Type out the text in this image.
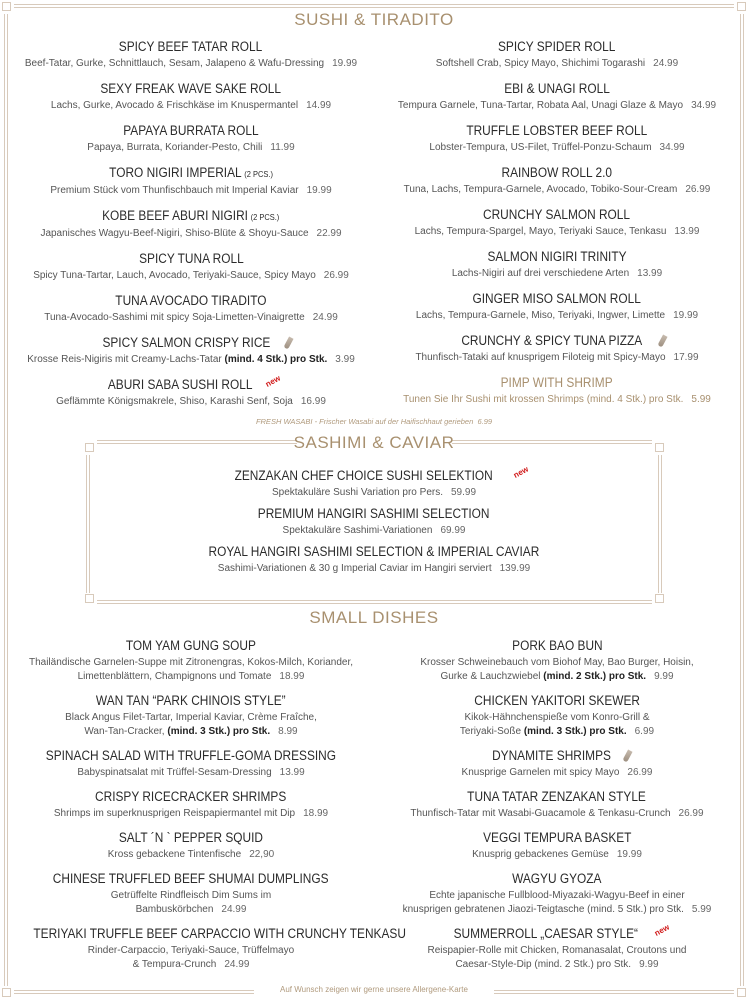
SUSHI & TIRADITO
SPICY BEEF TATAR ROLL
Beef-Tatar, Gurke, Schnittlauch, Sesam, Jalapeno & Wafu-Dressing 19.99
SEXY FREAK WAVE SAKE ROLL
Lachs, Gurke, Avocado & Frischkäse im Knuspermantel 14.99
PAPAYA BURRATA ROLL
Papaya, Burrata, Koriander-Pesto, Chili 11.99
TORO NIGIRI IMPERIAL (2 PCS.)
Premium Stück vom Thunfischbauch mit Imperial Kaviar 19.99
KOBE BEEF ABURI NIGIRI (2 PCS.)
Japanisches Wagyu-Beef-Nigiri, Shiso-Blüte & Shoyu-Sauce 22.99
SPICY TUNA ROLL
Spicy Tuna-Tartar, Lauch, Avocado, Teriyaki-Sauce, Spicy Mayo 26.99
TUNA AVOCADO TIRADITO
Tuna-Avocado-Sashimi mit spicy Soja-Limetten-Vinaigrette 24.99
SPICY SALMON CRISPY RICE
Krosse Reis-Nigiris mit Creamy-Lachs-Tatar (mind. 4 Stk.) pro Stk. 3.99
ABURI SABA SUSHI ROLL new
Geflämmte Königsmakrele, Shiso, Karashi Senf, Soja 16.99
SPICY SPIDER ROLL
Softshell Crab, Spicy Mayo, Shichimi Togarashi 24.99
EBI & UNAGI ROLL
Tempura Garnele, Tuna-Tartar, Robata Aal, Unagi Glaze & Mayo 34.99
TRUFFLE LOBSTER BEEF ROLL
Lobster-Tempura, US-Filet, Trüffel-Ponzu-Schaum 34.99
RAINBOW ROLL 2.0
Tuna, Lachs, Tempura-Garnele, Avocado, Tobiko-Sour-Cream 26.99
CRUNCHY SALMON ROLL
Lachs, Tempura-Spargel, Mayo, Teriyaki Sauce, Tenkasu 13.99
SALMON NIGIRI TRINITY
Lachs-Nigiri auf drei verschiedene Arten 13.99
GINGER MISO SALMON ROLL
Lachs, Tempura-Garnele, Miso, Teriyaki, Ingwer, Limette 19.99
CRUNCHY & SPICY TUNA PIZZA
Thunfisch-Tataki auf knusprigem Filoteig mit Spicy-Mayo 17.99
PIMP WITH SHRIMP
Tunen Sie Ihr Sushi mit krossen Shrimps (mind. 4 Stk.) pro Stk. 5.99
FRESH WASABI - Frischer Wasabi auf der Haifischhaut gerieben 6.99
SASHIMI & CAVIAR
ZENZAKAN CHEF CHOICE SUSHI SELEKTION new
Spektakuläre Sushi Variation pro Pers. 59.99
PREMIUM HANGIRI SASHIMI SELECTION
Spektakuläre Sashimi-Variationen 69.99
ROYAL HANGIRI SASHIMI SELECTION & IMPERIAL CAVIAR
Sashimi-Variationen & 30 g Imperial Caviar im Hangiri serviert 139.99
SMALL DISHES
TOM YAM GUNG SOUP
Thailändische Garnelen-Suppe mit Zitronengras, Kokos-Milch, Koriander,
Limettenblättern, Champignons und Tomate 18.99
WAN TAN “PARK CHINOIS STYLE”
Black Angus Filet-Tartar, Imperial Kaviar, Crème Fraîche,
Wan-Tan-Cracker, (mind. 3 Stk.) pro Stk. 8.99
SPINACH SALAD WITH TRUFFLE-GOMA DRESSING
Babyspinatsalat mit Trüffel-Sesam-Dressing 13.99
CRISPY RICECRACKER SHRIMPS
Shrimps im superknusprigen Reispapiermantel mit Dip 18.99
SALT ´N ` PEPPER SQUID
Kross gebackene Tintenfische 22,90
CHINESE TRUFFLED BEEF SHUMAI DUMPLINGS
Getrüffelte Rindfleisch Dim Sums im
Bambuskörbchen 24.99
TERIYAKI TRUFFLE BEEF CARPACCIO WITH CRUNCHY TENKASU
Rinder-Carpaccio, Teriyaki-Sauce, Trüffelmayo
& Tempura-Crunch 24.99
PORK BAO BUN
Krosser Schweinebauch vom Biohof May, Bao Burger, Hoisin,
Gurke & Lauchzwiebel (mind. 2 Stk.) pro Stk. 9.99
CHICKEN YAKITORI SKEWER
Kikok-Hähnchenspieße vom Konro-Grill &
Teriyaki-Soße (mind. 3 Stk.) pro Stk. 6.99
DYNAMITE SHRIMPS
Knusprige Garnelen mit spicy Mayo 26.99
TUNA TATAR ZENZAKAN STYLE
Thunfisch-Tatar mit Wasabi-Guacamole & Tenkasu-Crunch 26.99
VEGGI TEMPURA BASKET
Knusprig gebackenes Gemüse 19.99
WAGYU GYOZA
Echte japanische Fullblood-Miyazaki-Wagyu-Beef in einer
knusprigen gebratenen Jiaozi-Teigtasche (mind. 5 Stk.) pro Stk. 5.99
SUMMERROLL „CAESAR STYLE“ new
Reispapier-Rolle mit Chicken, Romanasalat, Croutons und
Caesar-Style-Dip (mind. 2 Stk.) pro Stk. 9.99
Auf Wunsch zeigen wir gerne unsere Allergene-Karte
